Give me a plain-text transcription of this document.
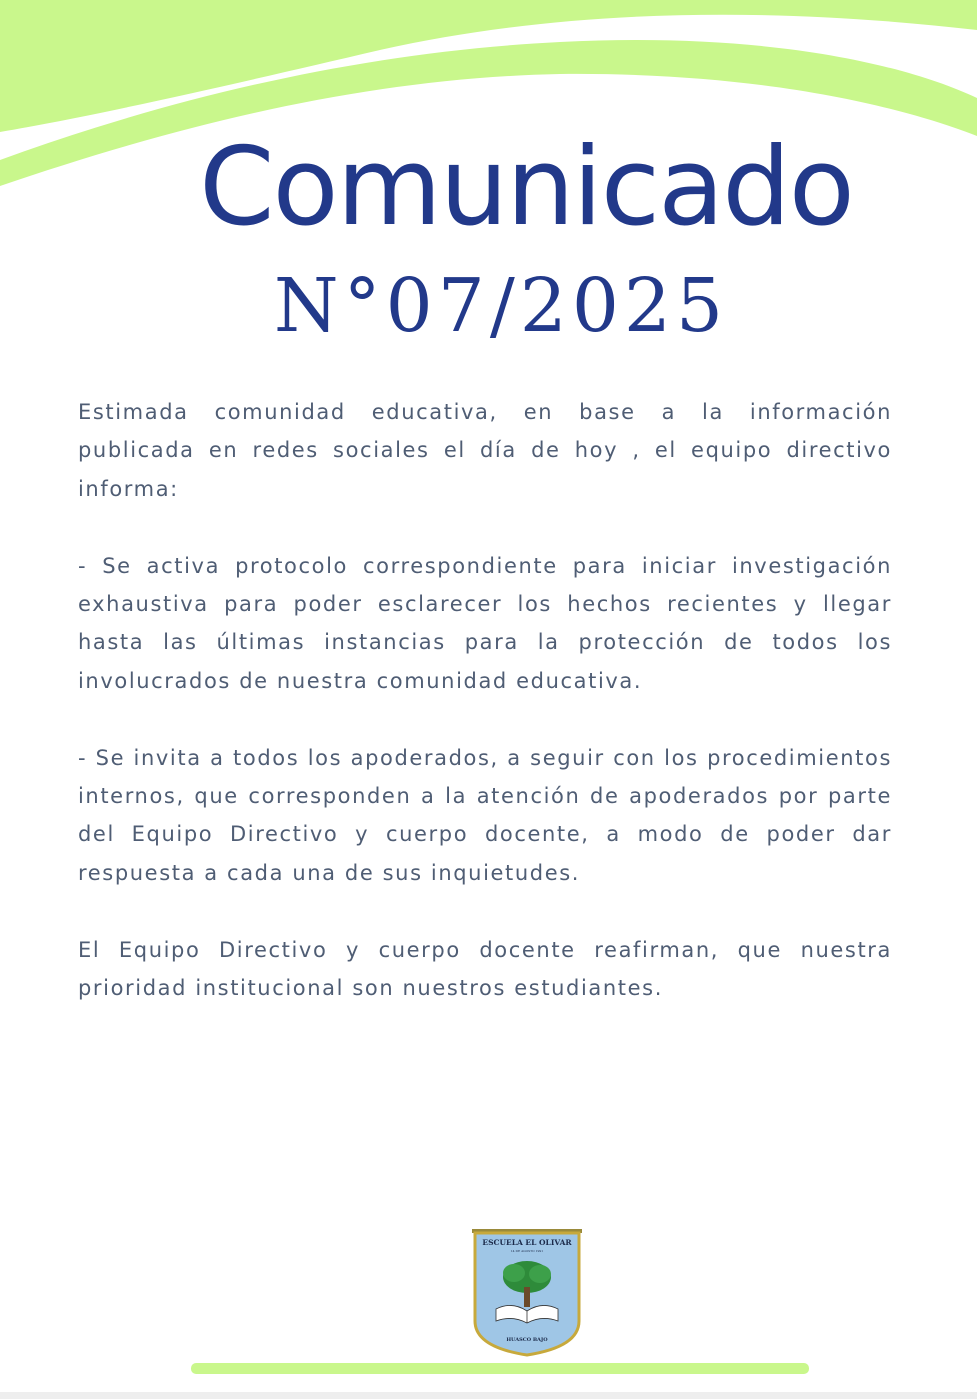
Comunicado
N°07/2025

Estimada comunidad educativa, en base a la información publicada en redes sociales el día de hoy , el equipo directivo informa:

- Se activa protocolo correspondiente para iniciar investigación exhaustiva para poder esclarecer los hechos recientes y llegar hasta las últimas instancias para la protección de todos los involucrados de nuestra comunidad educativa.

- Se invita a todos los apoderados, a seguir con los procedimientos internos, que corresponden a la atención de apoderados por parte del Equipo Directivo y cuerpo docente, a modo de poder dar respuesta a cada una de sus inquietudes.

El Equipo Directivo y cuerpo docente reafirman, que nuestra prioridad institucional son nuestros estudiantes.

ESCUELA EL OLIVAR
14 DE AGOSTO 1991
HUASCO BAJO
